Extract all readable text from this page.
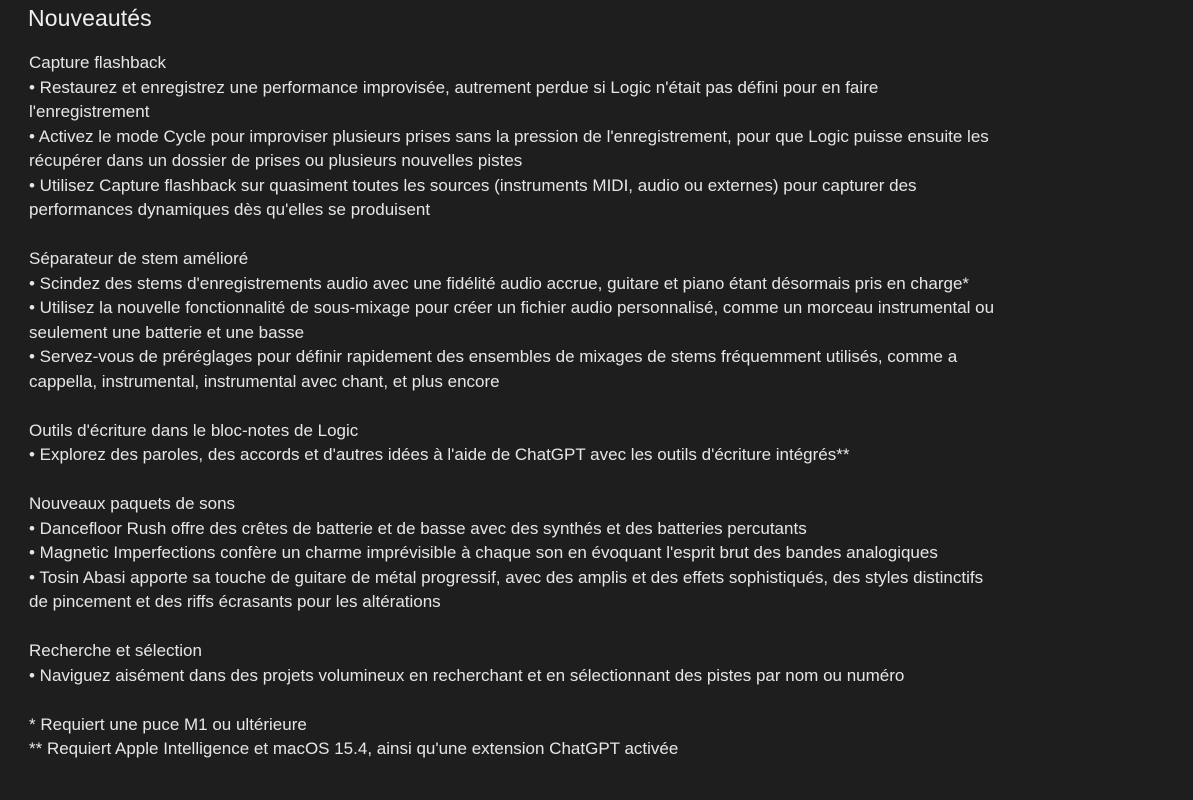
Nouveautés
Capture flashback
• Restaurez et enregistrez une performance improvisée, autrement perdue si Logic n'était pas défini pour en faire
l'enregistrement
• Activez le mode Cycle pour improviser plusieurs prises sans la pression de l'enregistrement, pour que Logic puisse ensuite les
récupérer dans un dossier de prises ou plusieurs nouvelles pistes
• Utilisez Capture flashback sur quasiment toutes les sources (instruments MIDI, audio ou externes) pour capturer des
performances dynamiques dès qu'elles se produisent
Séparateur de stem amélioré
• Scindez des stems d'enregistrements audio avec une fidélité audio accrue, guitare et piano étant désormais pris en charge*
• Utilisez la nouvelle fonctionnalité de sous-mixage pour créer un fichier audio personnalisé, comme un morceau instrumental ou
seulement une batterie et une basse
• Servez-vous de préréglages pour définir rapidement des ensembles de mixages de stems fréquemment utilisés, comme a
cappella, instrumental, instrumental avec chant, et plus encore
Outils d'écriture dans le bloc-notes de Logic
• Explorez des paroles, des accords et d'autres idées à l'aide de ChatGPT avec les outils d'écriture intégrés**
Nouveaux paquets de sons
• Dancefloor Rush offre des crêtes de batterie et de basse avec des synthés et des batteries percutants
• Magnetic Imperfections confère un charme imprévisible à chaque son en évoquant l'esprit brut des bandes analogiques
• Tosin Abasi apporte sa touche de guitare de métal progressif, avec des amplis et des effets sophistiqués, des styles distinctifs
de pincement et des riffs écrasants pour les altérations
Recherche et sélection
• Naviguez aisément dans des projets volumineux en recherchant et en sélectionnant des pistes par nom ou numéro
* Requiert une puce M1 ou ultérieure
** Requiert Apple Intelligence et macOS 15.4, ainsi qu'une extension ChatGPT activée
